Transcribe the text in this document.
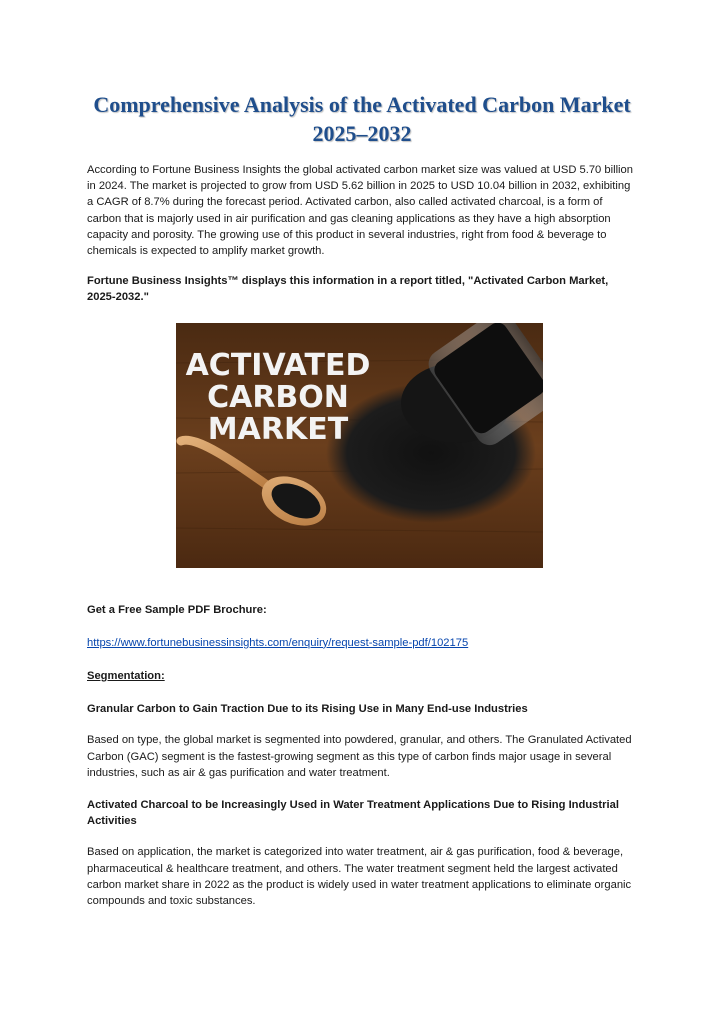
Comprehensive Analysis of the Activated Carbon Market 2025–2032

According to Fortune Business Insights the global activated carbon market size was valued at USD 5.70 billion in 2024. The market is projected to grow from USD 5.62 billion in 2025 to USD 10.04 billion in 2032, exhibiting a CAGR of 8.7% during the forecast period. Activated carbon, also called activated charcoal, is a form of carbon that is majorly used in air purification and gas cleaning applications as they have a high absorption capacity and porosity. The growing use of this product in several industries, right from food & beverage to chemicals is expected to amplify market growth.

Fortune Business Insights™ displays this information in a report titled, "Activated Carbon Market, 2025-2032."

ACTIVATED
CARBON
MARKET

Get a Free Sample PDF Brochure:

https://www.fortunebusinessinsights.com/enquiry/request-sample-pdf/102175

Segmentation:

Granular Carbon to Gain Traction Due to its Rising Use in Many End-use Industries

Based on type, the global market is segmented into powdered, granular, and others. The Granulated Activated Carbon (GAC) segment is the fastest-growing segment as this type of carbon finds major usage in several industries, such as air & gas purification and water treatment.

Activated Charcoal to be Increasingly Used in Water Treatment Applications Due to Rising Industrial Activities

Based on application, the market is categorized into water treatment, air & gas purification, food & beverage, pharmaceutical & healthcare treatment, and others. The water treatment segment held the largest activated carbon market share in 2022 as the product is widely used in water treatment applications to eliminate organic compounds and toxic substances.
